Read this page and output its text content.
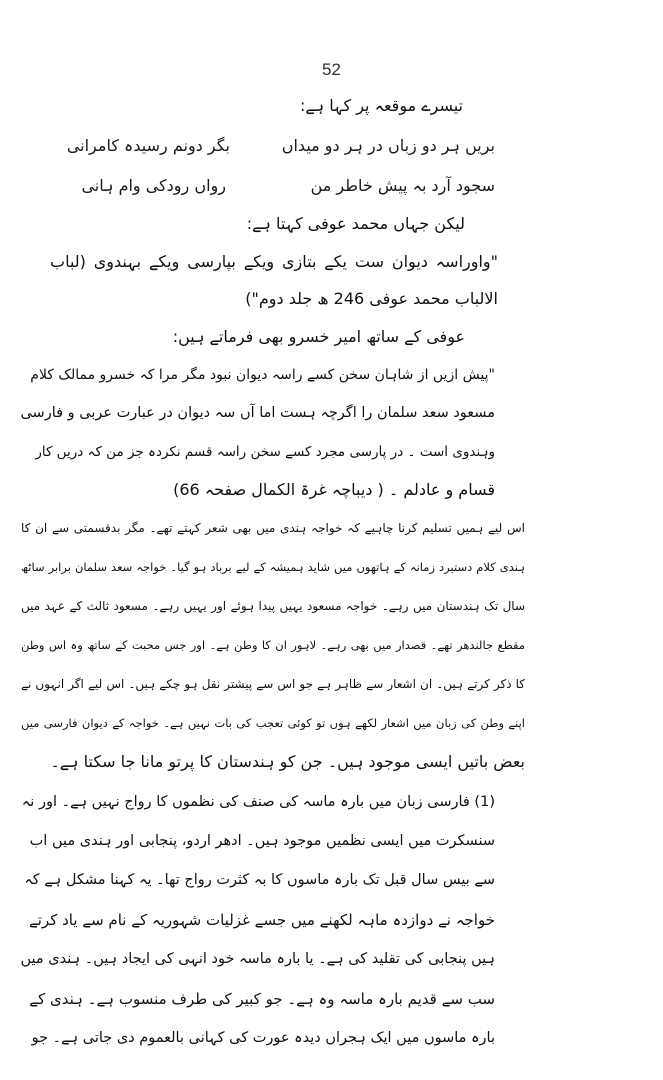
52
تیسرے موقعہ پر کہا ہے:
بریں ہر دو زباں در ہر دو میداں
بگر دونم رسیدہ کامرانی
سجود آرد بہ پیش خاطر من
رواں رودکی وام ہانی
لیکن جہاں محمد عوفی کہتا ہے:
"واوراسہ دیوان ست یکے بتازی ویکے بپارسی ویکے بہندوی (لباب
الالباب محمد عوفی 246 ھ جلد دوم")
عوفی کے ساتھ امیر خسرو بھی فرماتے ہیں:
"پیش ازیں از شاہان سخن کسے راسہ دیوان نبود مگر مرا کہ خسرو ممالک کلام
مسعود سعد سلمان را اگرچہ ہست اما آں سہ دیوان در عبارت عربی و فارسی
وہندوی است ۔ در پارسی مجرد کسے سخن راسہ قسم نکردہ جز من کہ دریں کار
قسام و عادلم ۔ ( دیباچہ غرۃ الکمال صفحہ 66)
اس لیے ہمیں تسلیم کرنا چاہیے کہ خواجہ ہندی میں بھی شعر کہتے تھے۔ مگر بدقسمتی سے ان کا
ہندی کلام دستبرد زمانہ کے ہاتھوں میں شاید ہمیشہ کے لیے برباد ہو گیا۔ خواجہ سعد سلمان برابر ساٹھ
سال تک ہندستان میں رہے۔ خواجہ مسعود یہیں پیدا ہوئے اور یہیں رہے۔ مسعود ثالث کے عہد میں
مقطع جالندھر تھے۔ قصدار میں بھی رہے۔ لاہور ان کا وطن ہے۔ اور جس محبت کے ساتھ وہ اس وطن
کا ذکر کرتے ہیں۔ ان اشعار سے ظاہر ہے جو اس سے پیشتر نقل ہو چکے ہیں۔ اس لیے اگر انہوں نے
اپنے وطن کی زبان میں اشعار لکھے ہوں تو کوئی تعجب کی بات نہیں ہے۔ خواجہ کے دیوان فارسی میں
بعض باتیں ایسی موجود ہیں۔ جن کو ہندستان کا پرتو مانا جا سکتا ہے۔
(1) فارسی زبان میں بارہ ماسہ کی صنف کی نظموں کا رواج نہیں ہے۔ اور نہ
سنسکرت میں ایسی نظمیں موجود ہیں۔ ادھر اردو، پنجابی اور ہندی میں اب
سے بیس سال قبل تک بارہ ماسوں کا بہ کثرت رواج تھا۔ یہ کہنا مشکل ہے کہ
خواجہ نے دوازدہ ماہہ لکھنے میں جسے غزلیات شہوریہ کے نام سے یاد کرتے
ہیں پنجابی کی تقلید کی ہے۔ یا بارہ ماسہ خود انہی کی ایجاد ہیں۔ ہندی میں
سب سے قدیم بارہ ماسہ وہ ہے۔ جو کبیر کی طرف منسوب ہے۔ ہندی کے
بارہ ماسوں میں ایک ہجراں دیدہ عورت کی کہانی بالعموم دی جاتی ہے۔ جو
